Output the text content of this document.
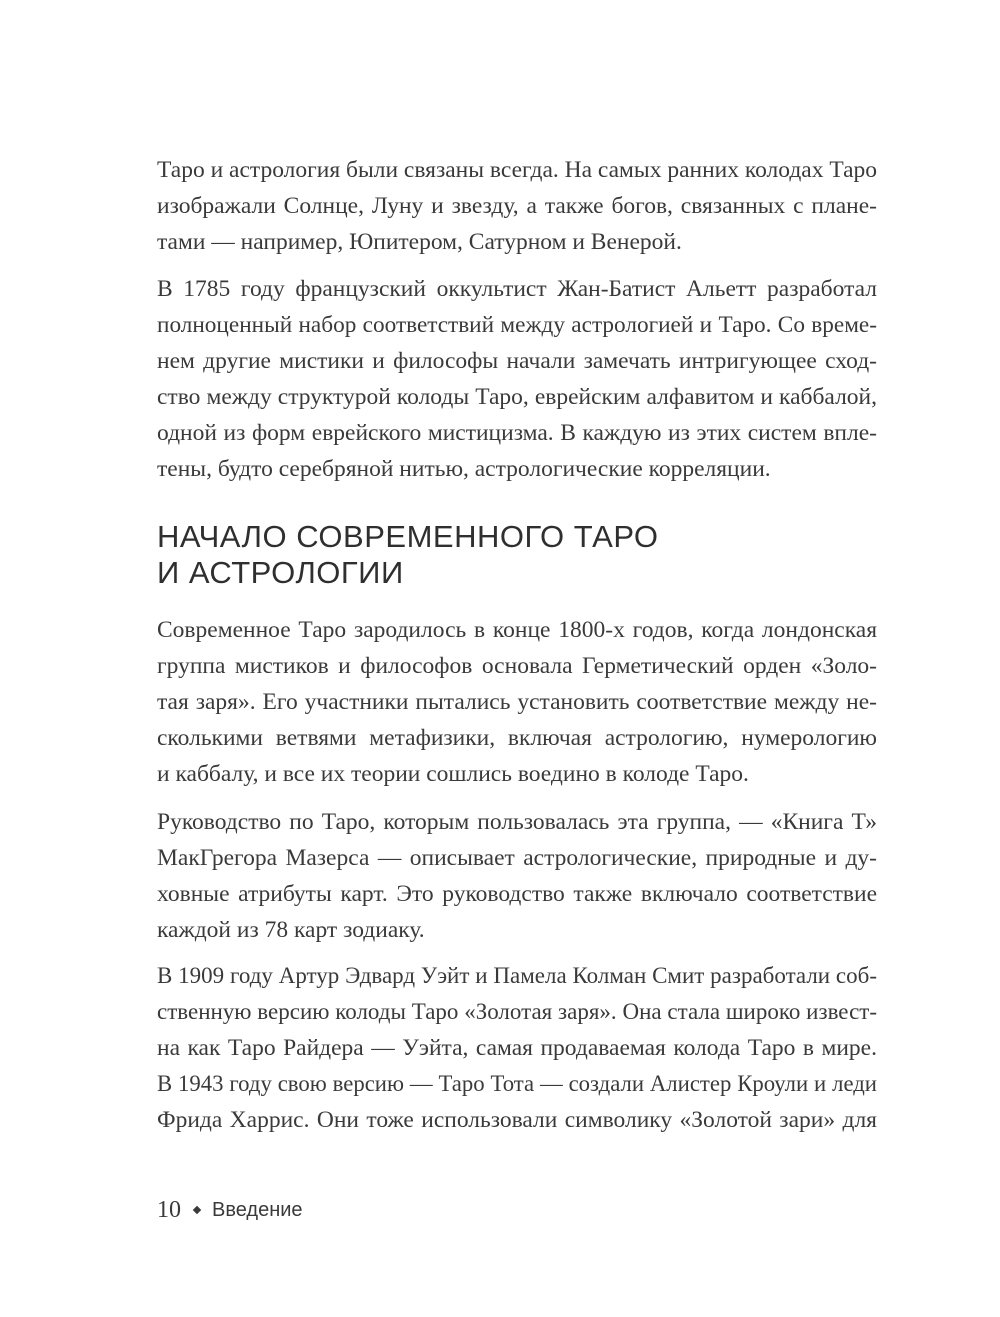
Таро и астрология были связаны всегда. На самых ранних колодах Таро
изображали Солнце, Луну и звезду, а также богов, связанных с плане-
тами — например, Юпитером, Сатурном и Венерой.
В 1785 году французский оккультист Жан-Батист Альетт разработал
полноценный набор соответствий между астрологией и Таро. Со време-
нем другие мистики и философы начали замечать интригующее сход-
ство между структурой колоды Таро, еврейским алфавитом и каббалой,
одной из форм еврейского мистицизма. В каждую из этих систем впле-
тены, будто серебряной нитью, астрологические корреляции.
НАЧАЛО СОВРЕМЕННОГО ТАРО
И АСТРОЛОГИИ
Современное Таро зародилось в конце 1800-х годов, когда лондонская
группа мистиков и философов основала Герметический орден «Золо-
тая заря». Его участники пытались установить соответствие между не-
сколькими ветвями метафизики, включая астрологию, нумерологию
и каббалу, и все их теории сошлись воедино в колоде Таро.
Руководство по Таро, которым пользовалась эта группа, — «Книга Т»
МакГрегора Мазерса — описывает астрологические, природные и ду-
ховные атрибуты карт. Это руководство также включало соответствие
каждой из 78 карт зодиаку.
В 1909 году Артур Эдвард Уэйт и Памела Колман Смит разработали соб-
ственную версию колоды Таро «Золотая заря». Она стала широко извест-
на как Таро Райдера — Уэйта, самая продаваемая колода Таро в мире.
В 1943 году свою версию — Таро Тота — создали Алистер Кроули и леди
Фрида Харрис. Они тоже использовали символику «Золотой зари» для
10 Введение
